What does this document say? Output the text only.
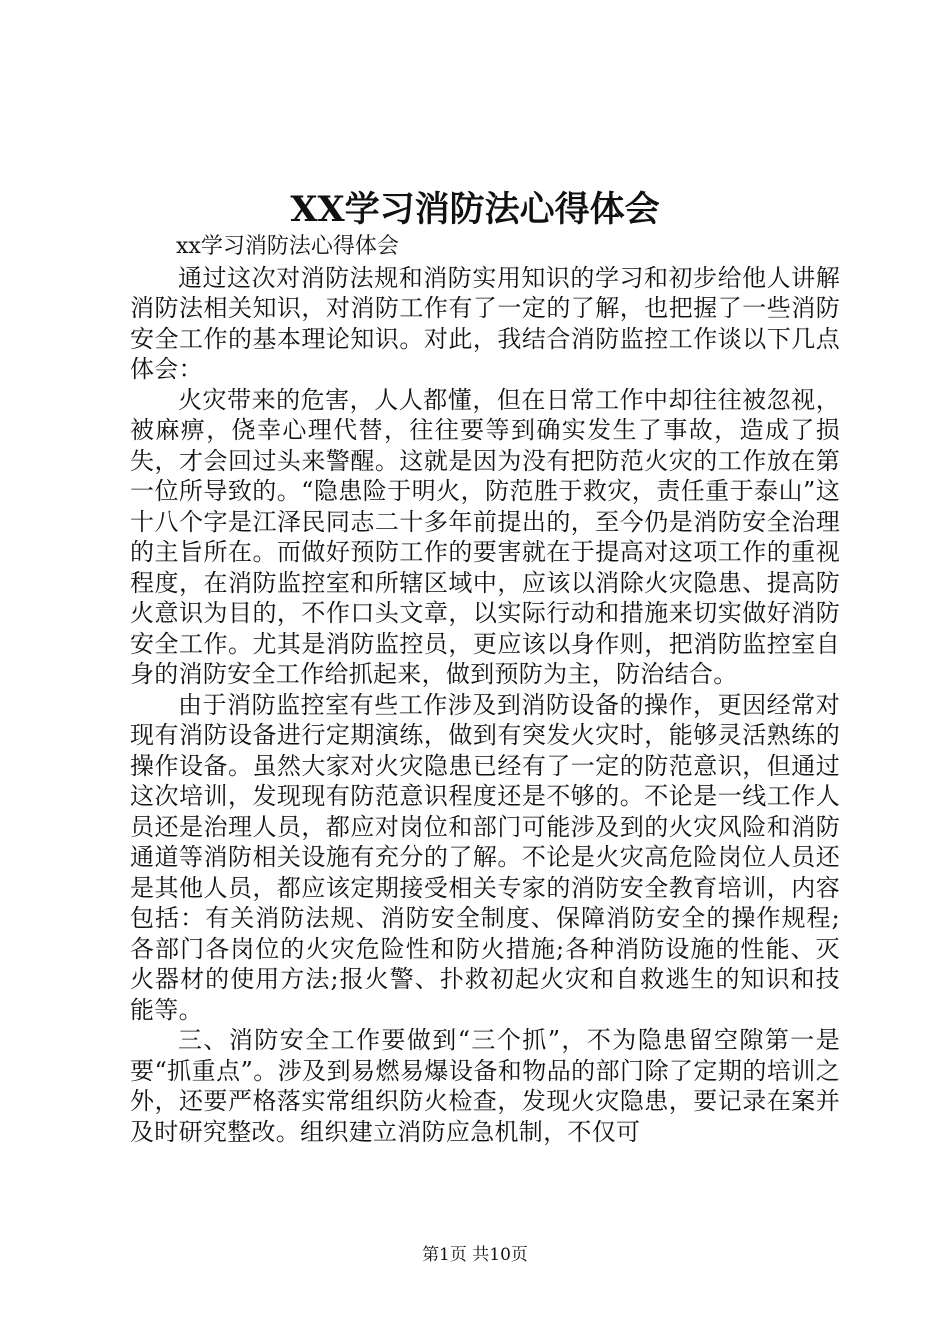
XX学习消防法心得体会

xx学习消防法心得体会

通过这次对消防法规和消防实用知识的学习和初步给他人讲解消防法相关知识，对消防工作有了一定的了解，也把握了一些消防安全工作的基本理论知识。对此，我结合消防监控工作谈以下几点体会：

火灾带来的危害，人人都懂，但在日常工作中却往往被忽视，被麻痹，侥幸心理代替，往往要等到确实发生了事故，造成了损失，才会回过头来警醒。这就是因为没有把防范火灾的工作放在第一位所导致的。“隐患险于明火，防范胜于救灾，责任重于泰山”这十八个字是江泽民同志二十多年前提出的，至今仍是消防安全治理的主旨所在。而做好预防工作的要害就在于提高对这项工作的重视程度，在消防监控室和所辖区域中，应该以消除火灾隐患、提高防火意识为目的，不作口头文章，以实际行动和措施来切实做好消防安全工作。尤其是消防监控员，更应该以身作则，把消防监控室自身的消防安全工作给抓起来，做到预防为主，防治结合。

由于消防监控室有些工作涉及到消防设备的操作，更因经常对现有消防设备进行定期演练，做到有突发火灾时，能够灵活熟练的操作设备。虽然大家对火灾隐患已经有了一定的防范意识，但通过这次培训，发现现有防范意识程度还是不够的。不论是一线工作人员还是治理人员，都应对岗位和部门可能涉及到的火灾风险和消防通道等消防相关设施有充分的了解。不论是火灾高危险岗位人员还是其他人员，都应该定期接受相关专家的消防安全教育培训，内容包括：有关消防法规、消防安全制度、保障消防安全的操作规程;各部门各岗位的火灾危险性和防火措施;各种消防设施的性能、灭火器材的使用方法;报火警、扑救初起火灾和自救逃生的知识和技能等。

三、消防安全工作要做到“三个抓”，不为隐患留空隙第一是要“抓重点”。涉及到易燃易爆设备和物品的部门除了定期的培训之外，还要严格落实常组织防火检查，发现火灾隐患，要记录在案并及时研究整改。组织建立消防应急机制，不仅可

第1页 共10页
